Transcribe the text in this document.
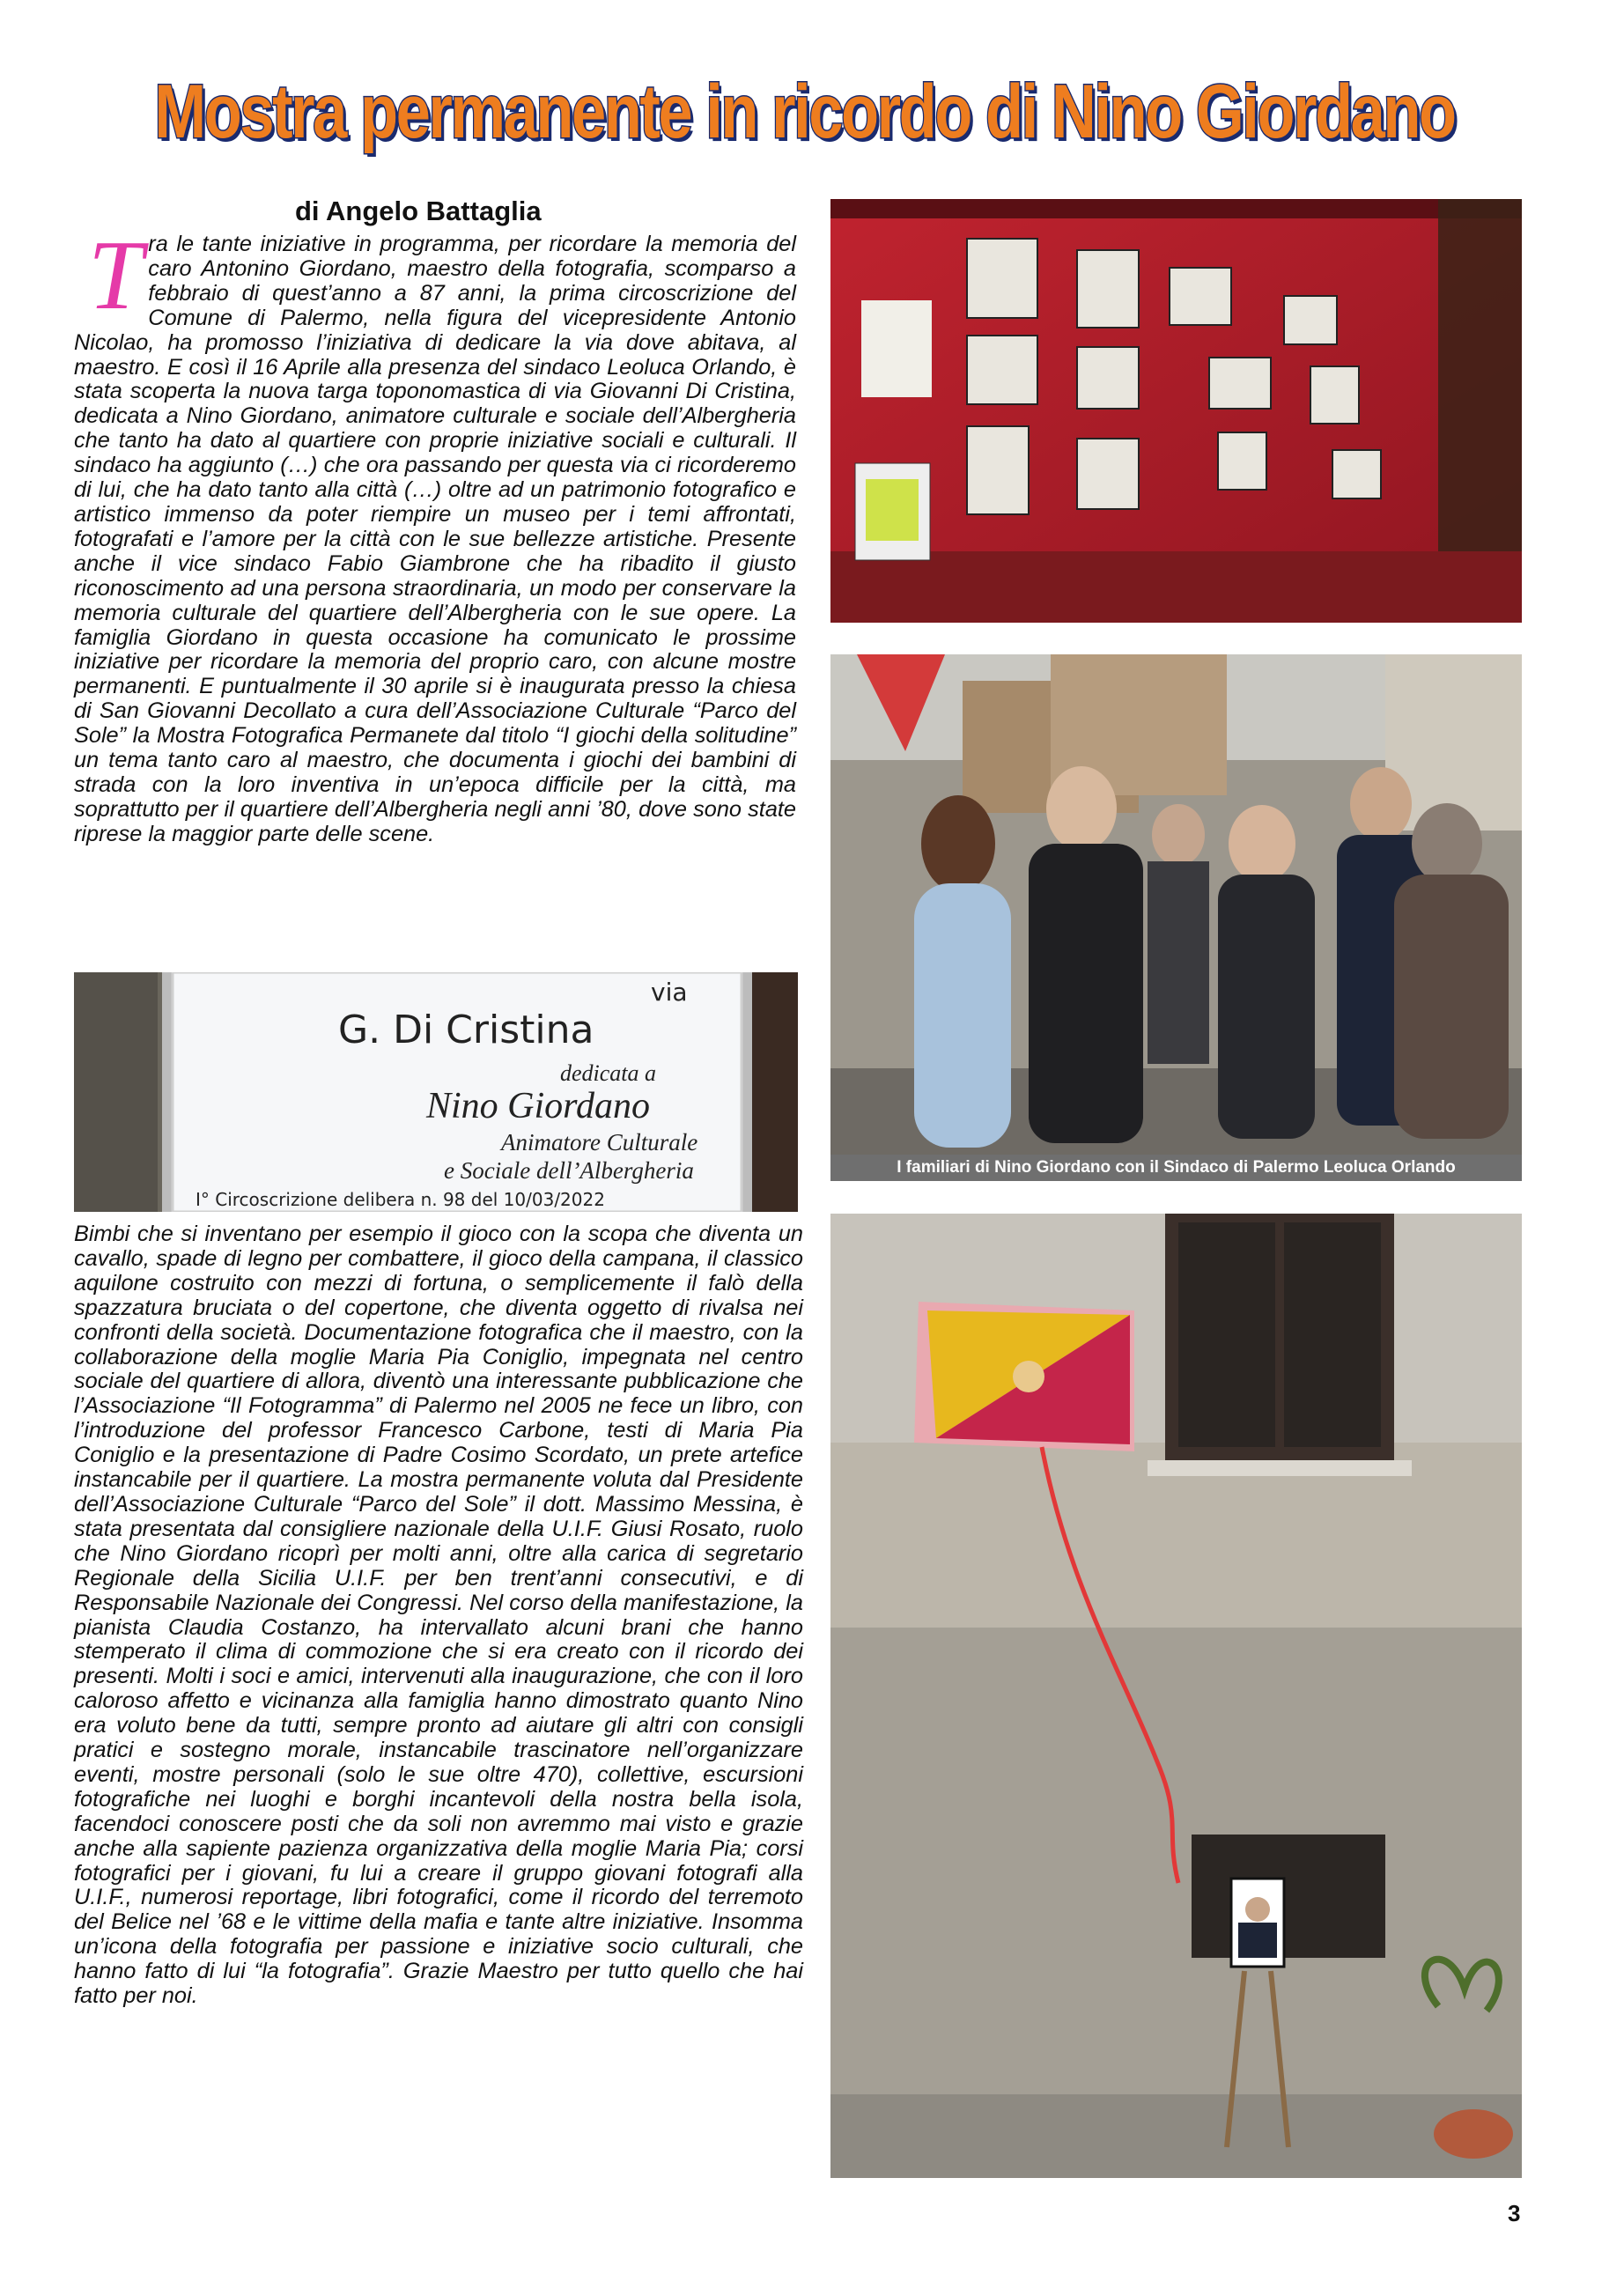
Mostra permanente in ricordo di Nino Giordano
di Angelo Battaglia
Tra le tante iniziative in programma, per ricordare la memoria del caro Antonino Giordano, maestro della fotografia, scomparso a febbraio di quest’anno a 87 anni, la prima circoscrizione del Comune di Palermo, nella figura del vicepresidente Antonio Nicolao, ha promosso l’iniziativa di dedicare la via dove abitava, al maestro. E così il 16 Aprile alla presenza del sindaco Leoluca Orlando, è stata scoperta la nuova targa toponomastica di via Giovanni Di Cristina, dedicata a Nino Giordano, animatore culturale e sociale dell’Albergheria che tanto ha dato al quartiere con proprie iniziative sociali e culturali. Il sindaco ha aggiunto (…) che ora passando per questa via ci ricorderemo di lui, che ha dato tanto alla città (…) oltre ad un patrimonio fotografico e artistico immenso da poter riempire un museo per i temi affrontati, fotografati e l’amore per la città con le sue bellezze artistiche. Presente anche il vice sindaco Fabio Giambrone che ha ribadito il giusto riconoscimento ad una persona straordinaria, un modo per conservare la memoria culturale del quartiere dell’Albergheria con le sue opere. La famiglia Giordano in questa occasione ha comunicato le prossime iniziative per ricordare la memoria del proprio caro, con alcune mostre permanenti. E puntualmente il 30 aprile si è inaugurata presso la chiesa di San Giovanni Decollato a cura dell’Associazione Culturale “Parco del Sole” la Mostra Fotografica Permanete dal titolo “I giochi della solitudine” un tema tanto caro al maestro, che documenta i giochi dei bambini di strada con la loro inventiva in un’epoca difficile per la città, ma soprattutto per il quartiere dell’Albergheria negli anni ’80, dove sono state riprese la maggior parte delle scene.
I familiari di Nino Giordano con il Sindaco di Palermo Leoluca Orlando
via
G. Di Cristina
dedicata a
Nino Giordano
Animatore Culturale
e Sociale dell’Albergheria
I° Circoscrizione delibera n. 98 del 10/03/2022
Bimbi che si inventano per esempio il gioco con la scopa che diventa un cavallo, spade di legno per combattere, il gioco della campana, il classico aquilone costruito con mezzi di fortuna, o semplicemente il falò della spazzatura bruciata o del copertone, che diventa oggetto di rivalsa nei confronti della società. Documentazione fotografica che il maestro, con la collaborazione della moglie Maria Pia Coniglio, impegnata nel centro sociale del quartiere di allora, diventò una interessante pubblicazione che l’Associazione “Il Fotogramma” di Palermo nel 2005 ne fece un libro, con l’introduzione del professor Francesco Carbone, testi di Maria Pia Coniglio e la presentazione di Padre Cosimo Scordato, un prete artefice instancabile per il quartiere. La mostra permanente voluta dal Presidente dell’Associazione Culturale “Parco del Sole” il dott. Massimo Messina, è stata presentata dal consigliere nazionale della U.I.F. Giusi Rosato, ruolo che Nino Giordano ricoprì per molti anni, oltre alla carica di segretario Regionale della Sicilia U.I.F. per ben trent’anni consecutivi, e di Responsabile Nazionale dei Congressi. Nel corso della manifestazione, la pianista Claudia Costanzo, ha intervallato alcuni brani che hanno stemperato il clima di commozione che si era creato con il ricordo dei presenti. Molti i soci e amici, intervenuti alla inaugurazione, che con il loro caloroso affetto e vicinanza alla famiglia hanno dimostrato quanto Nino era voluto bene da tutti, sempre pronto ad aiutare gli altri con consigli pratici e sostegno morale, instancabile trascinatore nell’organizzare eventi, mostre personali (solo le sue oltre 470), collettive, escursioni fotografiche nei luoghi e borghi incantevoli della nostra bella isola, facendoci conoscere posti che da soli non avremmo mai visto e grazie anche alla sapiente pazienza organizzativa della moglie Maria Pia; corsi fotografici per i giovani, fu lui a creare il gruppo giovani fotografi alla U.I.F., numerosi reportage, libri fotografici, come il ricordo del terremoto del Belice nel ’68 e le vittime della mafia e tante altre iniziative. Insomma un’icona della fotografia per passione e iniziative socio culturali, che hanno fatto di lui “la fotografia”. Grazie Maestro per tutto quello che hai fatto per noi.
3
